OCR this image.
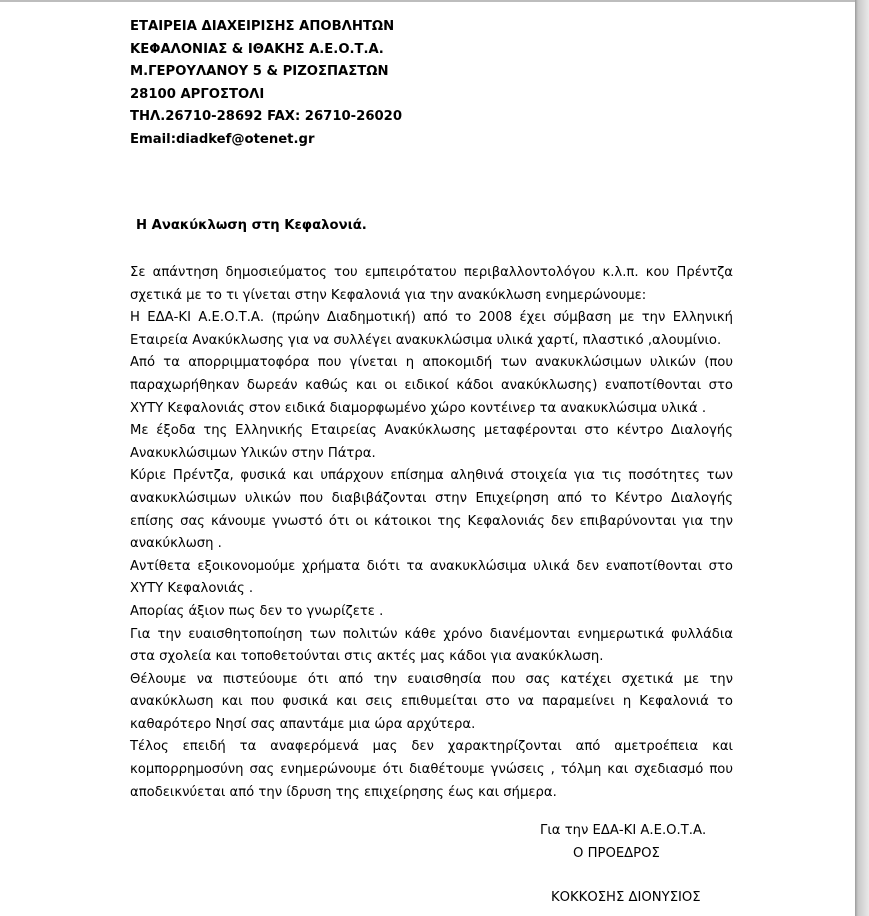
ΕΤΑΙΡΕΙΑ ΔΙΑΧΕΙΡΙΣΗΣ ΑΠΟΒΛΗΤΩΝ
ΚΕΦΑΛΟΝΙΑΣ & ΙΘΑΚΗΣ Α.Ε.Ο.Τ.Α.
Μ.ΓΕΡΟΥΛΑΝΟΥ 5 & ΡΙΖΟΣΠΑΣΤΩΝ
28100 ΑΡΓΟΣΤΟΛΙ
ΤΗΛ.26710-28692 FAX: 26710-26020
Email:diadkef@otenet.gr
Η Ανακύκλωση στη Κεφαλονιά.
Σε απάντηση δημοσιεύματος του εμπειρότατου περιβαλλοντολόγου κ.λ.π. κου Πρέντζα
σχετικά με το τι γίνεται στην Κεφαλονιά για την ανακύκλωση ενημερώνουμε:
Η ΕΔΑ-ΚΙ Α.Ε.Ο.Τ.Α. (πρώην Διαδημοτική) από το 2008 έχει σύμβαση με την Ελληνική
Εταιρεία Ανακύκλωσης για να συλλέγει ανακυκλώσιμα υλικά χαρτί, πλαστικό ,αλουμίνιο.
Από τα απορριμματοφόρα που γίνεται η αποκομιδή των ανακυκλώσιμων υλικών (που
παραχωρήθηκαν δωρεάν καθώς και οι ειδικοί κάδοι ανακύκλωσης) εναποτίθονται στο
ΧΥΤΥ Κεφαλονιάς στον ειδικά διαμορφωμένο χώρο κοντέινερ τα ανακυκλώσιμα υλικά .
Με έξοδα της Ελληνικής Εταιρείας Ανακύκλωσης μεταφέρονται στο κέντρο Διαλογής
Ανακυκλώσιμων Υλικών στην Πάτρα.
Κύριε Πρέντζα, φυσικά και υπάρχουν επίσημα αληθινά στοιχεία για τις ποσότητες των
ανακυκλώσιμων υλικών που διαβιβάζονται στην Επιχείρηση από το Κέντρο Διαλογής
επίσης σας κάνουμε γνωστό ότι οι κάτοικοι της Κεφαλονιάς δεν επιβαρύνονται για την
ανακύκλωση .
Αντίθετα εξοικονομούμε χρήματα διότι τα ανακυκλώσιμα υλικά δεν εναποτίθονται στο
ΧΥΤΥ Κεφαλονιάς .
Απορίας άξιον πως δεν το γνωρίζετε .
Για την ευαισθητοποίηση των πολιτών κάθε χρόνο διανέμονται ενημερωτικά φυλλάδια
στα σχολεία και τοποθετούνται στις ακτές μας κάδοι για ανακύκλωση.
Θέλουμε να πιστεύουμε ότι από την ευαισθησία που σας κατέχει σχετικά με την
ανακύκλωση και που φυσικά και σεις επιθυμείται στο να παραμείνει η Κεφαλονιά το
καθαρότερο Νησί σας απαντάμε μια ώρα αρχύτερα.
Τέλος επειδή τα αναφερόμενά μας δεν χαρακτηρίζονται από αμετροέπεια και
κομπορρημοσύνη σας ενημερώνουμε ότι διαθέτουμε γνώσεις , τόλμη και σχεδιασμό που
αποδεικνύεται από την ίδρυση της επιχείρησης έως και σήμερα.
Για την ΕΔΑ-ΚΙ Α.Ε.Ο.Τ.Α.
Ο ΠΡΟΕΔΡΟΣ
ΚΟΚΚΟΣΗΣ ΔΙΟΝΥΣΙΟΣ
